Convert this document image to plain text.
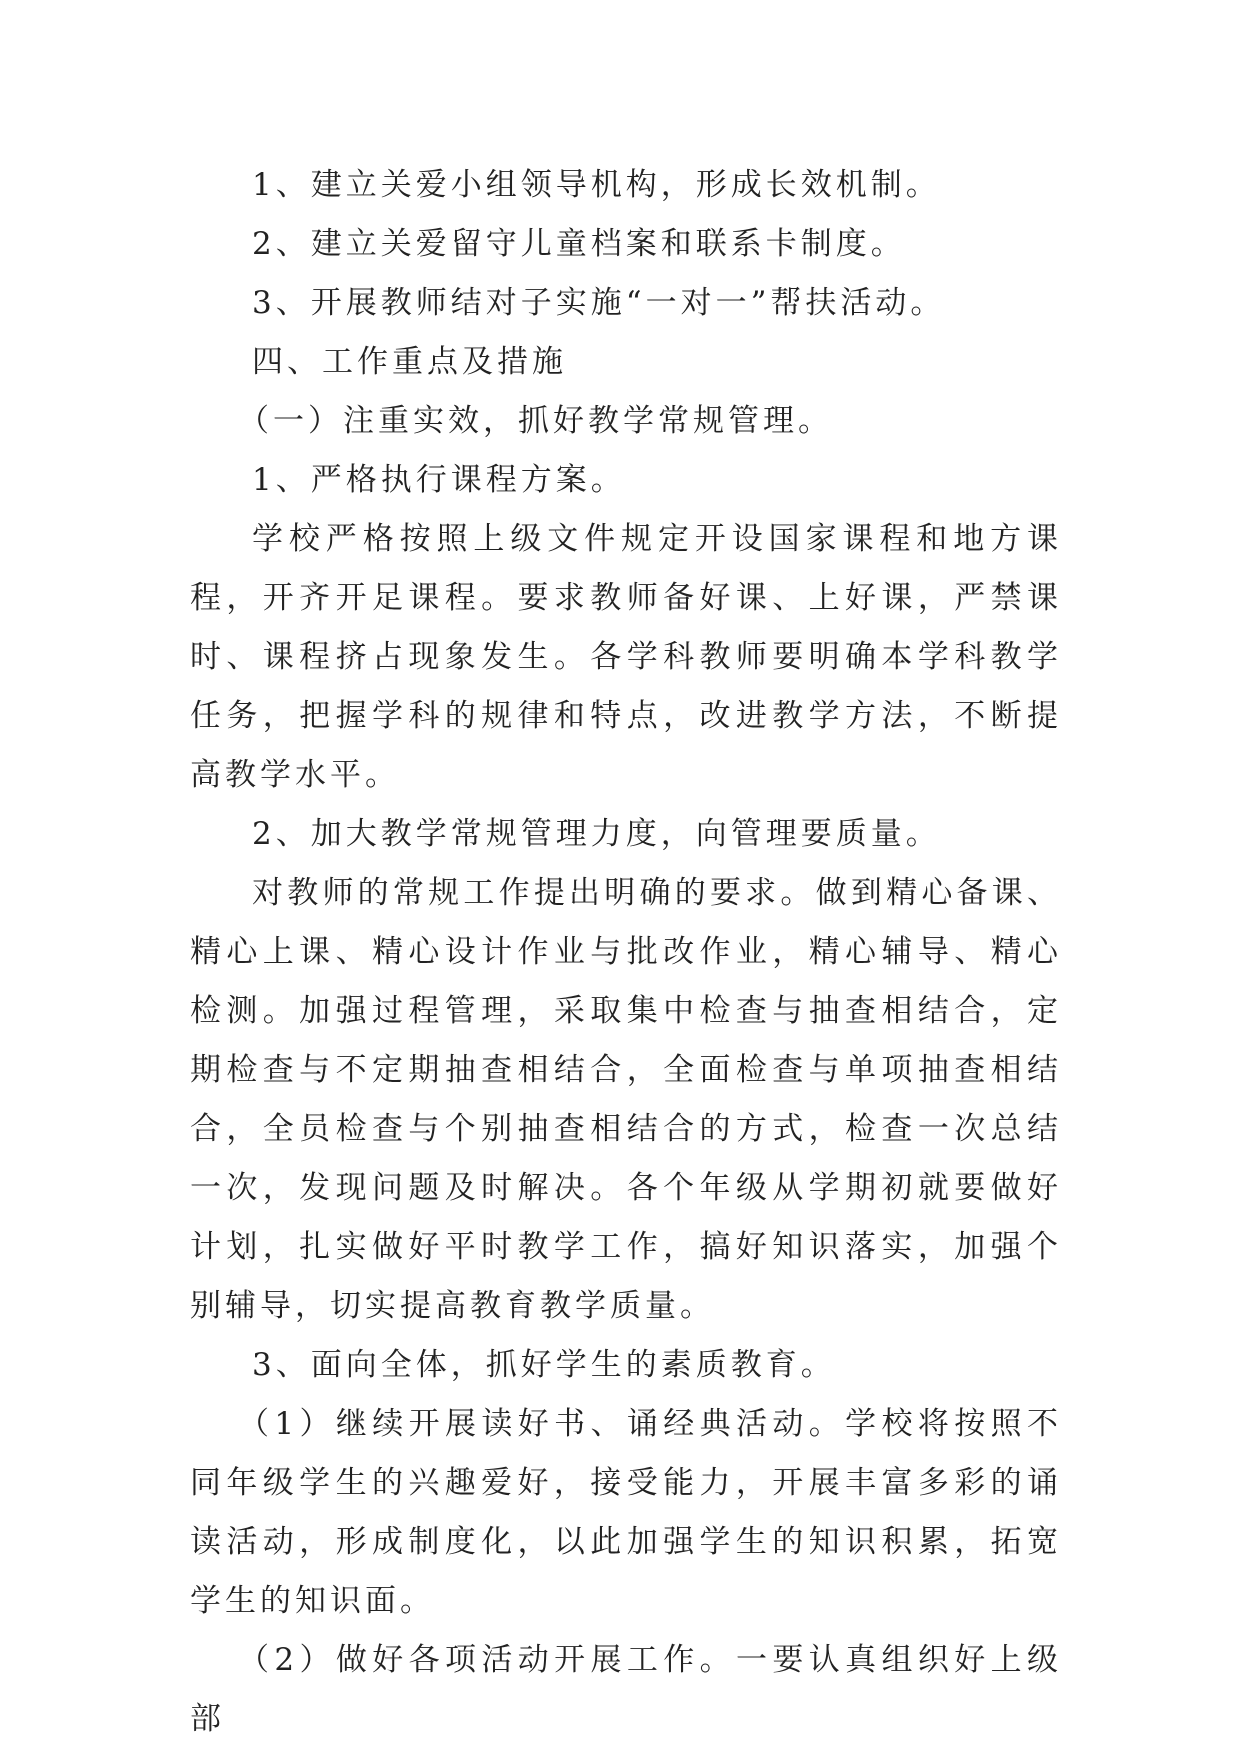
1、建立关爱小组领导机构，形成长效机制。

2、建立关爱留守儿童档案和联系卡制度。

3、开展教师结对子实施“一对一”帮扶活动。

四、工作重点及措施

（一）注重实效，抓好教学常规管理。

1、严格执行课程方案。

学校严格按照上级文件规定开设国家课程和地方课程，开齐开足课程。要求教师备好课、上好课，严禁课时、课程挤占现象发生。各学科教师要明确本学科教学任务，把握学科的规律和特点，改进教学方法，不断提高教学水平。

2、加大教学常规管理力度，向管理要质量。

对教师的常规工作提出明确的要求。做到精心备课、精心上课、精心设计作业与批改作业，精心辅导、精心检测。加强过程管理，采取集中检查与抽查相结合，定期检查与不定期抽查相结合，全面检查与单项抽查相结合，全员检查与个别抽查相结合的方式，检查一次总结一次，发现问题及时解决。各个年级从学期初就要做好计划，扎实做好平时教学工作，搞好知识落实，加强个别辅导，切实提高教育教学质量。

3、面向全体，抓好学生的素质教育。

（1）继续开展读好书、诵经典活动。学校将按照不同年级学生的兴趣爱好，接受能力，开展丰富多彩的诵读活动，形成制度化，以此加强学生的知识积累，拓宽学生的知识面。

（2）做好各项活动开展工作。一要认真组织好上级部
